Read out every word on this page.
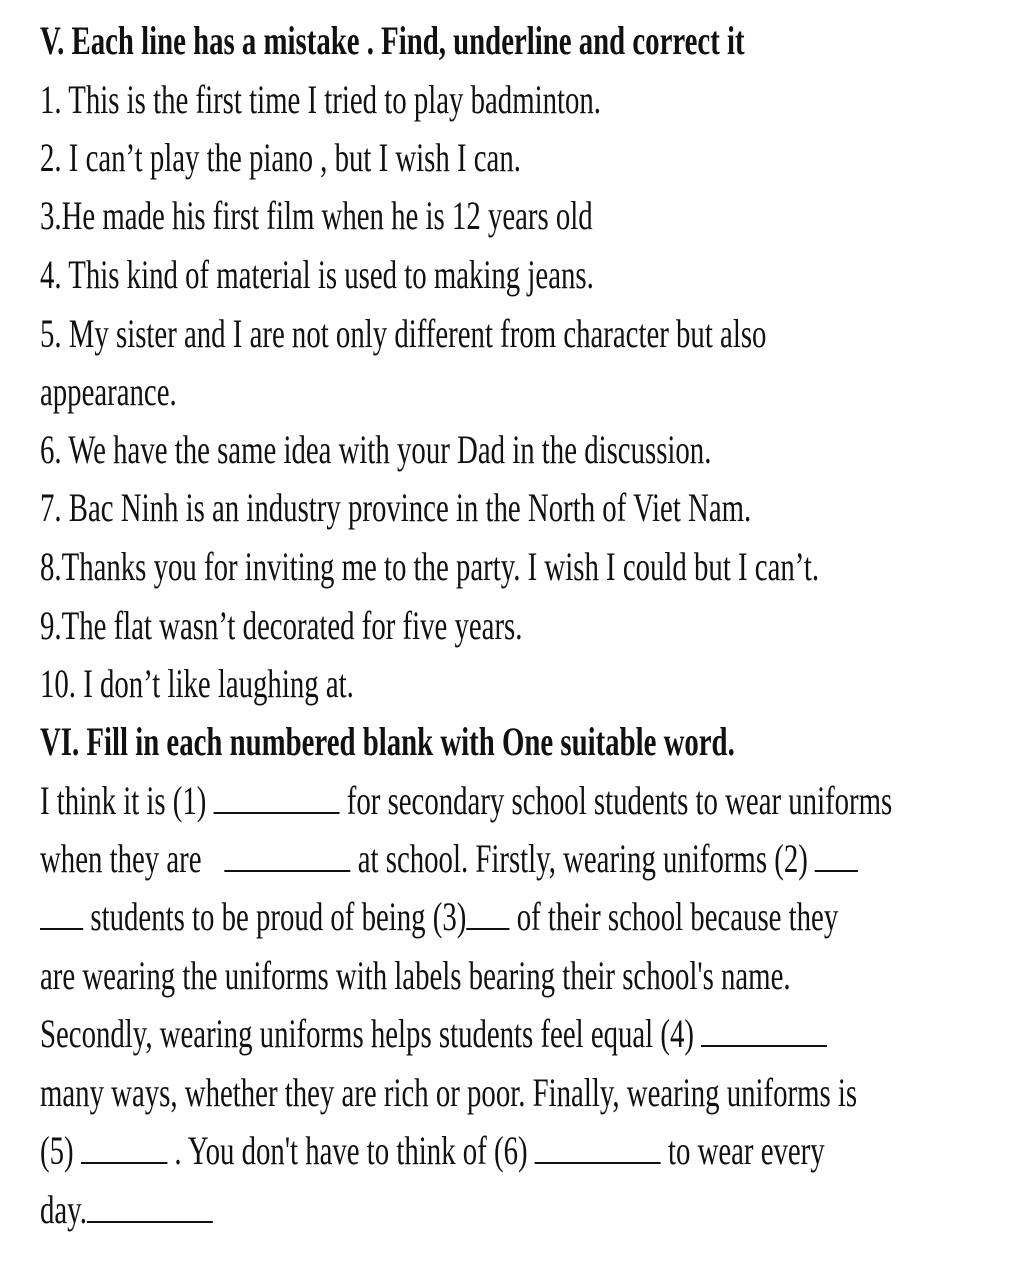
V. Each line has a mistake . Find, underline and correct it
1. This is the first time I tried to play badminton.
2. I can’t play the piano , but I wish I can.
3.He made his first film when he is 12 years old
4. This kind of material is used to making jeans.
5. My sister and I are not only different from character but also
appearance.
6. We have the same idea with your Dad in the discussion.
7. Bac Ninh is an industry province in the North of Viet Nam.
8.Thanks you for inviting me to the party. I wish I could but I can’t.
9.The flat wasn’t decorated for five years.
10. I don’t like laughing at.
VI. Fill in each numbered blank with One suitable word.
I think it is (1)	for secondary school students to wear uniforms
when they are	at school. Firstly, wearing uniforms (2)
students to be proud of being (3) of their school because they
are wearing the uniforms with labels bearing their school's name.
Secondly, wearing uniforms helps students feel equal (4)
many ways, whether they are rich or poor. Finally, wearing uniforms is
(5)  . You don't have to think of (6)	to wear every
day.
